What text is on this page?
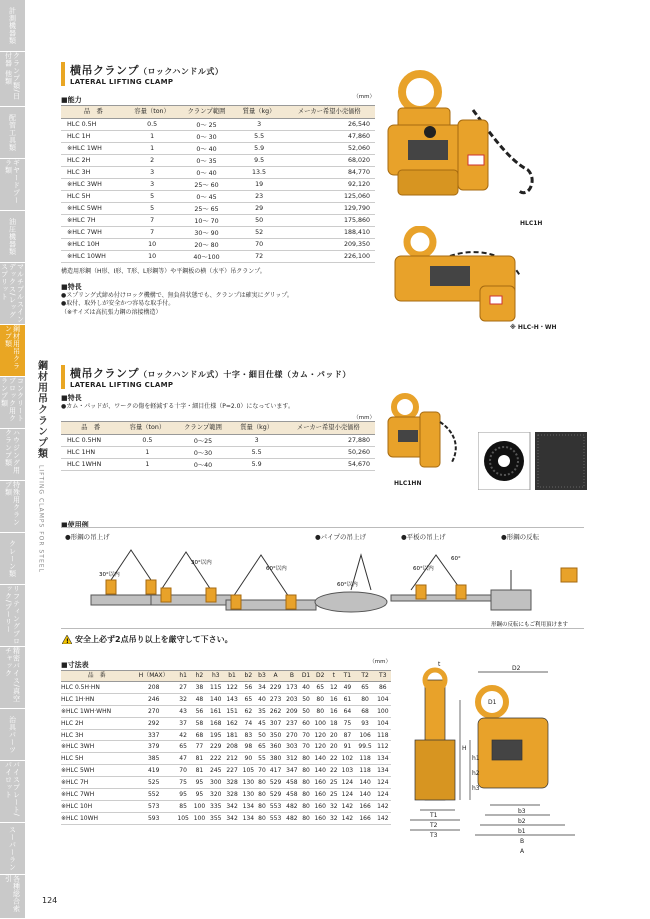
計測機器類
クランプ類/日付器 他類
配管工具類
ギヤードプーラ類
油圧機器類
マルチプルスインデックス/レッグスプリット
鋼材用吊クランプ類
コンクリートブロック用クランプ類
ハウジング用クランプ類
特殊用クランプ類
クレーン類
リフティングブロック/プーリー
精密バイス/真空チャック
治具パーツ
バイスプレート/パイロット
スーパーラン
各種総合索引
鋼材用吊クランプ類
LIFTING CLAMPS FOR STEEL
横吊クランプ（ロックハンドル式）
LATERAL LIFTING CLAMP
■能力	（mm）
品　番	容量（ton）	クランプ範囲	質量（kg）	メーカー希望小売価格
HLC 0.5H	0.5	0～ 25	3	26,540
HLC 1H	1	0～ 30	5.5	47,860
※HLC 1WH	1	0～ 40	5.9	52,060
HLC 2H	2	0～ 35	9.5	68,020
HLC 3H	3	0～ 40	13.5	84,770
※HLC 3WH	3	25～ 60	19	92,120
HLC 5H	5	0～ 45	23	125,060
※HLC 5WH	5	25～ 65	29	129,790
※HLC 7H	7	10～ 70	50	175,860
※HLC 7WH	7	30～ 90	52	188,410
※HLC 10H	10	20～ 80	70	209,350
※HLC 10WH	10	40～100	72	226,100
構造用形鋼（H形、I形、T形、L形鋼等）や平鋼板の横（水平）吊クランプ。
■特長
●スプリング式締め付けロック機構で、無負荷状態でも、クランプは確実にグリップ。
●取付、取外しが安全かつ容易な取手付。
（※サイズは高抗張力鋼の溶接構造）
HLC1H
※ HLC-H・WH
横吊クランプ（ロックハンドル式）十字・細目仕様（カム・パッド）
LATERAL LIFTING CLAMP
■特長
●カム・パッドが、ワークの傷を軽減する十字・細目仕様（P=2.0）になっています。
（mm）
品　番	容量（ton）	クランプ範囲	質量（kg）	メーカー希望小売価格
HLC 0.5HN	0.5	0～25	3	27,880
HLC 1HN	1	0～30	5.5	50,260
HLC 1WHN	1	0～40	5.9	54,670
HLC1HN
■使用例
●形鋼の吊上げ	●パイプの吊上げ	●平板の吊上げ	●形鋼の反転
30°以内
30°以内
60°以内
60°以内
60°以内
60°
形鋼の反転にもご利用頂けます
! 安全上必ず2点吊り以上を厳守して下さい。
■寸法表	（mm）
品　番	H（MAX）	h1	h2	h3	b1	b2	b3	A	B	D1	D2	t	T1	T2	T3
HLC 0.5H·HN	208	27	38	115	122	56	34	229	173	40	65	12	49	65	86
HLC 1H·HN	246	32	48	140	143	65	40	273	203	50	80	16	61	80	104
※HLC 1WH·WHN	270	43	56	161	151	62	35	262	209	50	80	16	64	68	100
HLC 2H	292	37	58	168	162	74	45	307	237	60	100	18	75	93	104
HLC 3H	337	42	68	195	181	83	50	350	270	70	120	20	87	106	118
※HLC 3WH	379	65	77	229	208	98	65	360	303	70	120	20	91	99.5	112
HLC 5H	385	47	81	222	212	90	55	380	312	80	140	22	102	118	134
※HLC 5WH	419	70	81	245	227	105	70	417	347	80	140	22	103	118	134
※HLC 7H	525	75	95	300	328	130	80	529	458	80	160	25	124	140	124
※HLC 7WH	552	95	95	320	328	130	80	529	458	80	160	25	124	140	124
※HLC 10H	573	85	100	335	342	134	80	553	482	80	160	32	142	166	142
※HLC 10WH	593	105	100	355	342	134	80	553	482	80	160	32	142	166	142
t
D2
D1
H
h1
h2
h3
b3
b2
b1
B
A
T1
T2
T3
124
